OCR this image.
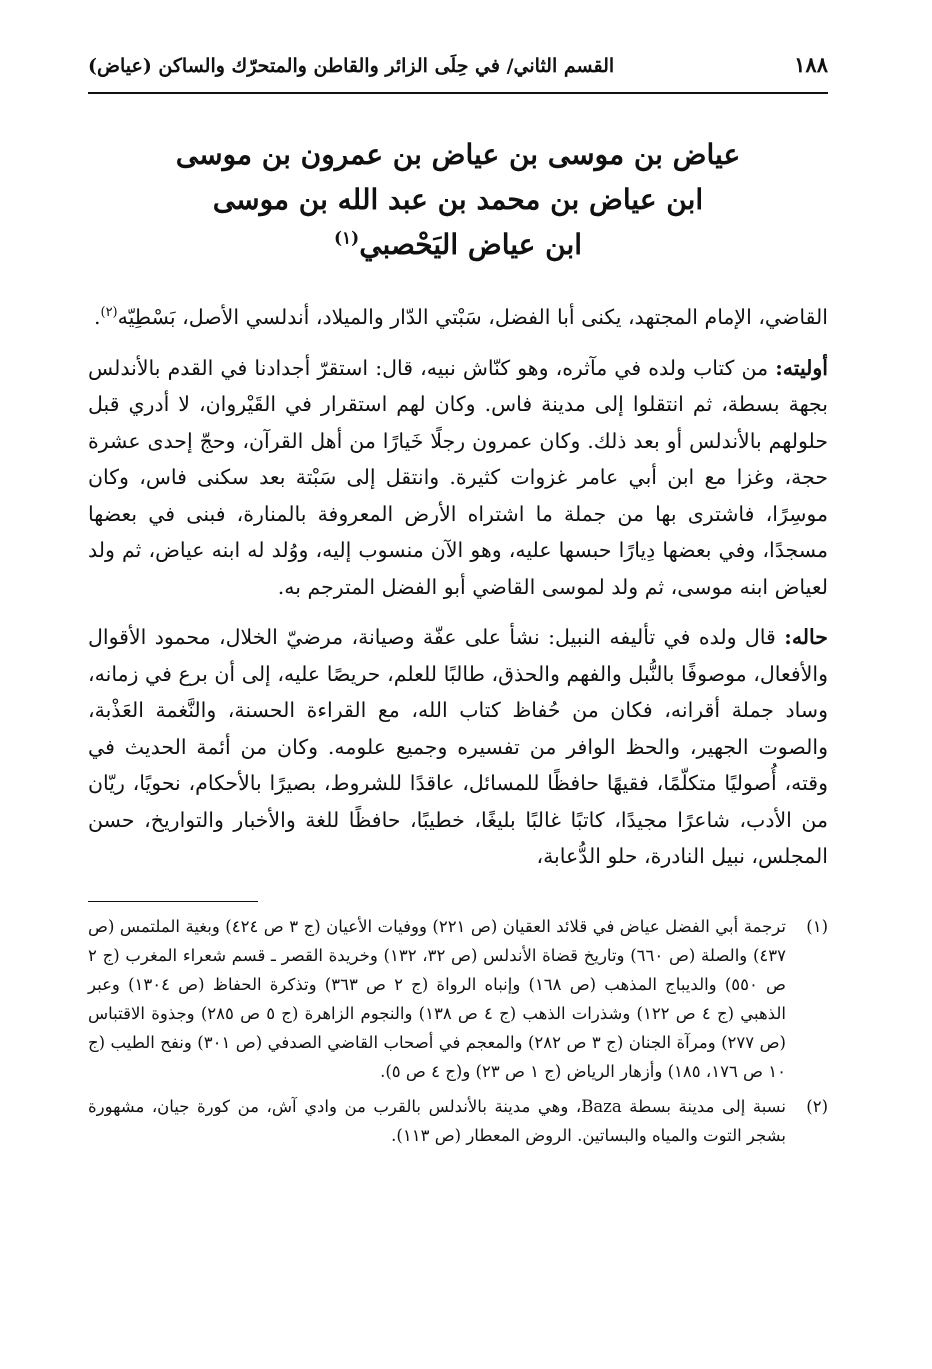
١٨٨
القسم الثاني/ في حِلَى الزائر والقاطن والمتحرّك والساكن (عياض)
عياض بن موسى بن عياض بن عمرون بن موسى
ابن عياض بن محمد بن عبد الله بن موسى
ابن عياض اليَحْصبي$^{(١)}$
القاضي، الإمام المجتهد، يكنى أبا الفضل، سَبْتي الدّار والميلاد، أندلسي الأصل، بَسْطِيّه$^{(٢)}$.
أوليته: من كتاب ولده في مآثره، وهو كنّاش نبيه، قال: استقرّ أجدادنا في القدم بالأندلس بجهة بسطة، ثم انتقلوا إلى مدينة فاس. وكان لهم استقرار في القَيْروان، لا أدري قبل حلولهم بالأندلس أو بعد ذلك. وكان عمرون رجلًا خَيارًا من أهل القرآن، وحجّ إحدى عشرة حجة، وغزا مع ابن أبي عامر غزوات كثيرة. وانتقل إلى سَبْتة بعد سكنى فاس، وكان موسِرًا، فاشترى بها من جملة ما اشتراه الأرض المعروفة بالمنارة، فبنى في بعضها مسجدًا، وفي بعضها دِيارًا حبسها عليه، وهو الآن منسوب إليه، ووُلد له ابنه عياض، ثم ولد لعياض ابنه موسى، ثم ولد لموسى القاضي أبو الفضل المترجم به.
حاله: قال ولده في تأليفه النبيل: نشأ على عفّة وصيانة، مرضيّ الخلال، محمود الأقوال والأفعال، موصوفًا بالنُّبل والفهم والحذق، طالبًا للعلم، حريصًا عليه، إلى أن برع في زمانه، وساد جملة أقرانه، فكان من حُفاظ كتاب الله، مع القراءة الحسنة، والنَّغمة العَذْبة، والصوت الجهير، والحظ الوافر من تفسيره وجميع علومه. وكان من أئمة الحديث في وقته، أُصوليًا متكلّمًا، فقيهًا حافظًا للمسائل، عاقدًا للشروط، بصيرًا بالأحكام، نحويًا، ريّان من الأدب، شاعرًا مجيدًا، كاتبًا غالبًا بليغًا، خطيبًا، حافظًا للغة والأخبار والتواريخ، حسن المجلس، نبيل النادرة، حلو الدُّعابة،
(١)
ترجمة أبي الفضل عياض في قلائد العقيان (ص ٢٢١) ووفيات الأعيان (ج ٣ ص ٤٢٤) وبغية الملتمس (ص ٤٣٧) والصلة (ص ٦٦٠) وتاريخ قضاة الأندلس (ص ٣٢، ١٣٢) وخريدة القصر ـ قسم شعراء المغرب (ج ٢ ص ٥٥٠) والديباج المذهب (ص ١٦٨) وإنباه الرواة (ج ٢ ص ٣٦٣) وتذكرة الحفاظ (ص ١٣٠٤) وعبر الذهبي (ج ٤ ص ١٢٢) وشذرات الذهب (ج ٤ ص ١٣٨) والنجوم الزاهرة (ج ٥ ص ٢٨٥) وجذوة الاقتباس (ص ٢٧٧) ومرآة الجنان (ج ٣ ص ٢٨٢) والمعجم في أصحاب القاضي الصدفي (ص ٣٠١) ونفح الطيب (ج ١٠ ص ١٧٦، ١٨٥) وأزهار الرياض (ج ١ ص ٢٣) و(ج ٤ ص ٥).
(٢)
نسبة إلى مدينة بسطة Baza، وهي مدينة بالأندلس بالقرب من وادي آش، من كورة جيان، مشهورة بشجر التوت والمياه والبساتين. الروض المعطار (ص ١١٣).
